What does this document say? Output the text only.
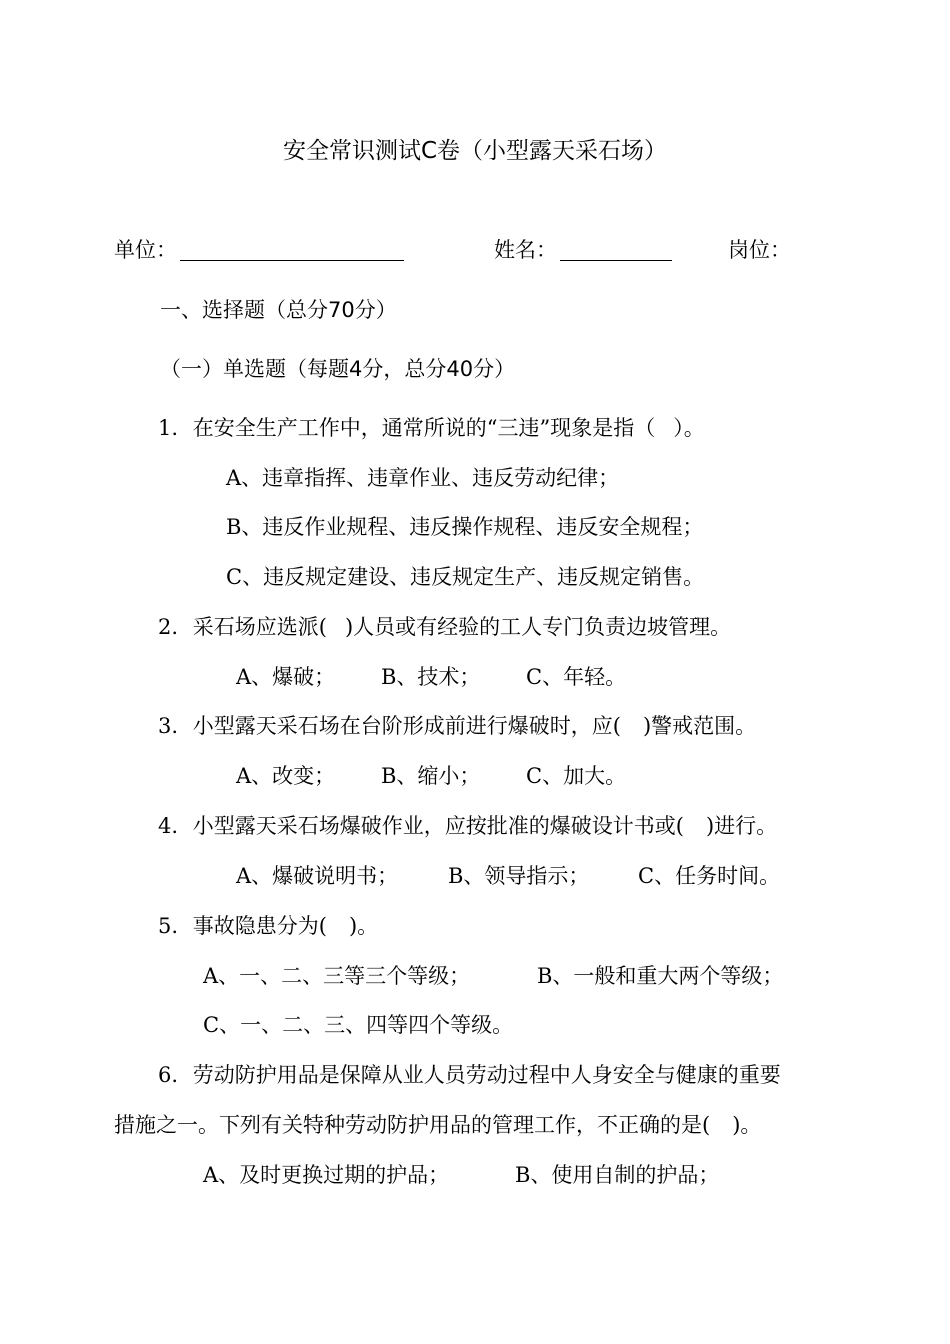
安全常识测试C卷（小型露天采石场）
单位：	姓名：	岗位：
一、选择题（总分70分）
（一）单选题（每题4分，总分40分）
1. 在安全生产工作中，通常所说的“三违”现象是指（ ）。
A、违章指挥、违章作业、违反劳动纪律；
B、违反作业规程、违反操作规程、违反安全规程；
C、违反规定建设、违反规定生产、违反规定销售。
2. 采石场应选派( )人员或有经验的工人专门负责边坡管理。
A、爆破； B、技术； C、年轻。
3. 小型露天采石场在台阶形成前进行爆破时，应( )警戒范围。
A、改变； B、缩小； C、加大。
4. 小型露天采石场爆破作业，应按批准的爆破设计书或( )进行。
A、爆破说明书； B、领导指示； C、任务时间。
5. 事故隐患分为( )。
A、一、二、三等三个等级；	B、一般和重大两个等级；
C、一、二、三、四等四个等级。
6. 劳动防护用品是保障从业人员劳动过程中人身安全与健康的重要
措施之一。下列有关特种劳动防护用品的管理工作，不正确的是( )。
A、及时更换过期的护品；	B、使用自制的护品；
